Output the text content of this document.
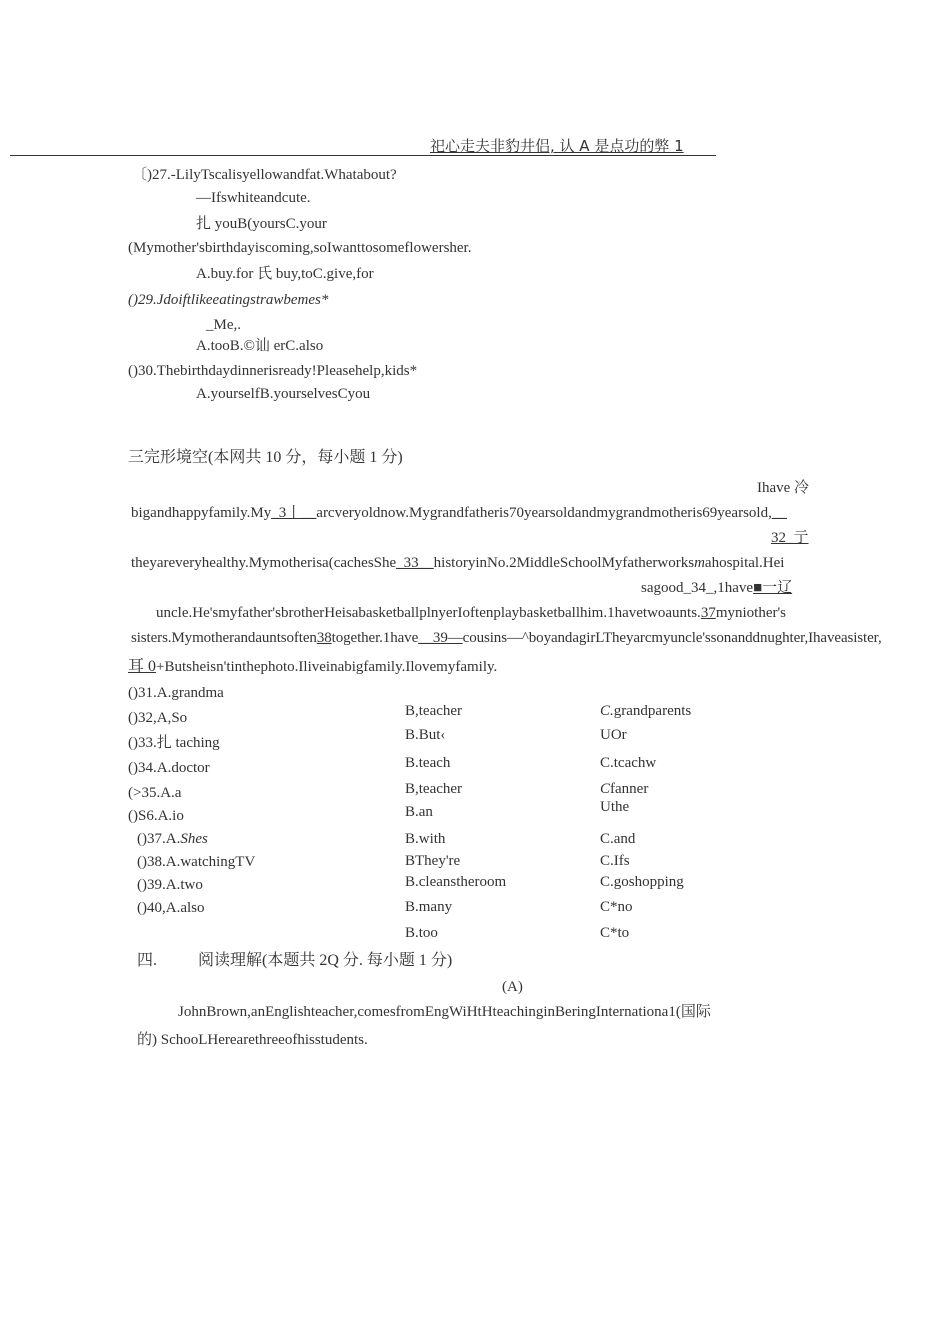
祀心走夫非豹井侣, 认 A 是点功的弊 1
〔)27.-LilyTscalisyellowandfat.Whatabout?
—Ifswhiteandcute.
扎 youB(yoursC.your
(Mymother'sbirthdayiscoming,soIwanttosomeflowersher.
A.buy.for 氏 buy,toC.give,for
()29.Jdoiftlikeeatingstrawbemes*
_Me,.
A.tooB.©讪 erC.also
()30.Thebirthdaydinnerisready!Pleasehelp,kids*
A.yourselfB.yourselvesCyou
三完形境空(本网共 10 分，每小题 1 分)
Ihave 冷
bigandhappyfamily.My_3丨__arcveryoldnow.Mygrandfatheris70yearsoldandmygrandmotheris69yearsold,__
32_亍
theyareveryhealthy.Mymotherisa(cachesShe_33__historyinNo.2MiddleSchoolMyfatherworksmahospital.Hei
sagood_34_,1have■一辽
uncle.He'smyfather'sbrotherHeisabasketballplnyerIoftenplaybasketballhim.1havetwoaunts.37myniother's
sisters.Mymotherandauntsoften38together.1have__39—cousins—^boyandagirLTheyarcmyuncle'ssonanddnughter,Ihaveasister,
耳 0+Butsheisn'tinthephoto.Iliveinabigfamily.Ilovemyfamily.
()31.A.grandma
()32,A,So
()33.扎 taching
()34.A.doctor
(>35.A.a
()S6.A.io
()37.A.Shes
()38.A.watchingTV
()39.A.two
()40,A.also
B,teacher
B.But‹
B.teach
B,teacher
B.an
B.with
BThey're
B.cleanstheroom
B.many
B.too
C.grandparents
UOr
C.tcachw
Cfanner
Uthe
C.and
C.Ifs
C.goshopping
C*no
C*to
四.	阅读理解(本题共 2Q 分. 每小题 1 分)
(A)
JohnBrown,anEnglishteacher,comesfromEngWiHtHteachinginBeringInternationa1(国际
的) SchooLHerearethreeofhisstudents.
